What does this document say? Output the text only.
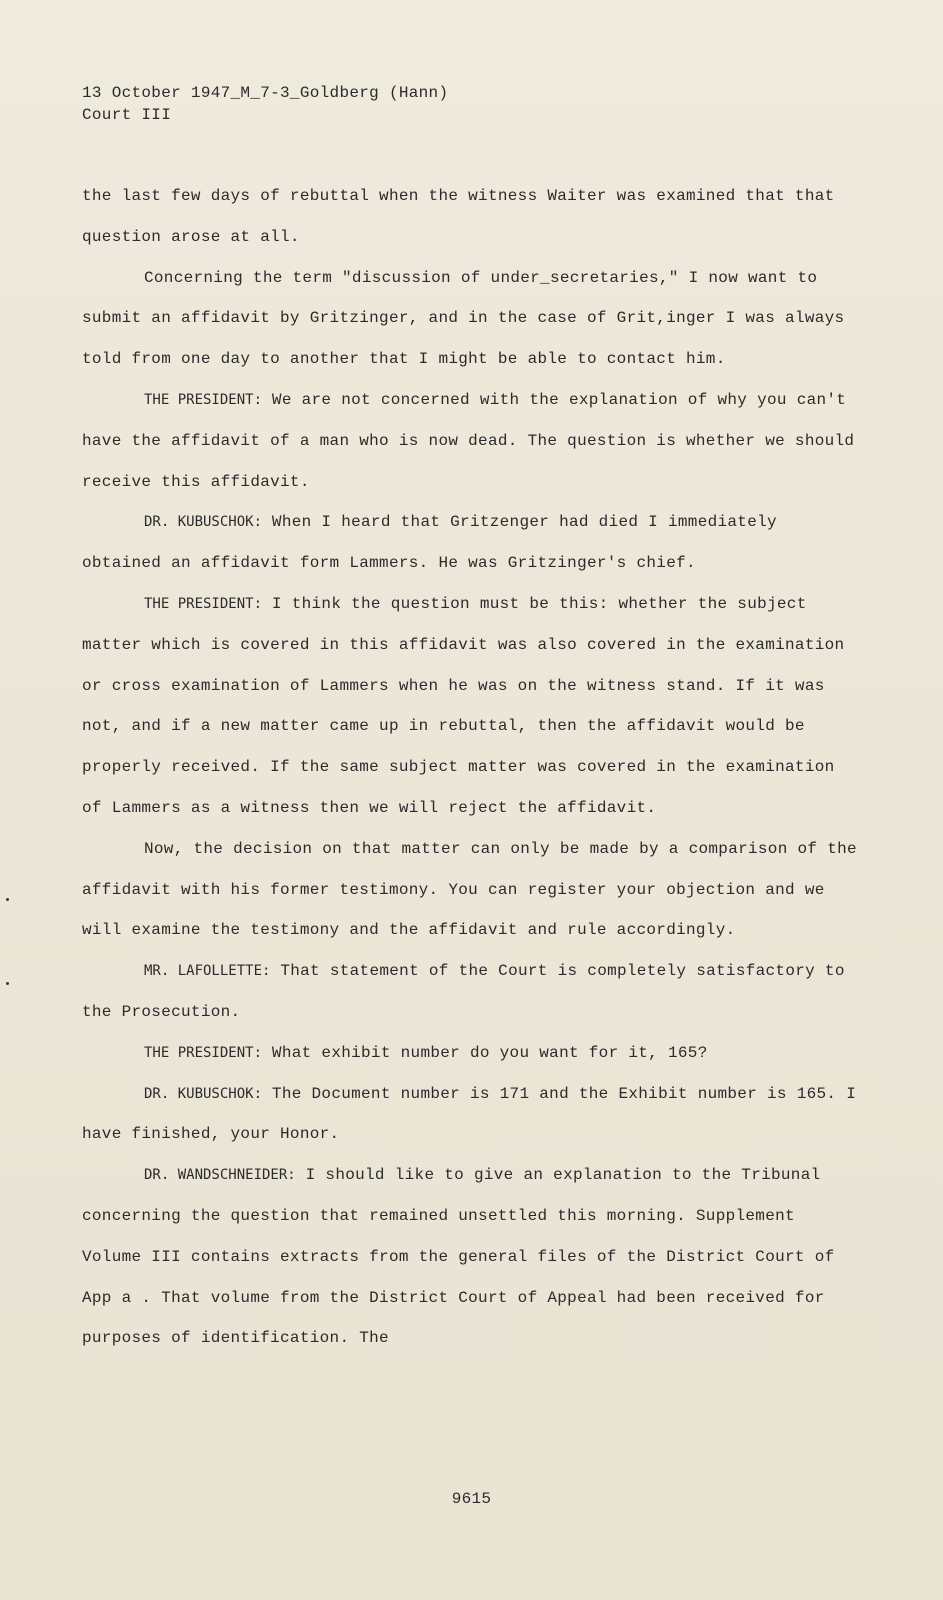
13 October 1947_M_7-3_Goldberg (Hann)
Court III

the last few days of rebuttal when the witness Waiter was examined that that question arose at all.

Concerning the term "discussion of under_secretaries," I now want to submit an affidavit by Gritzinger, and in the case of Grit,inger I was always told from one day to another that I might be able to contact him.

THE PRESIDENT: We are not concerned with the explanation of why you can't have the affidavit of a man who is now dead. The question is whether we should receive this affidavit.

DR. KUBUSCHOK: When I heard that Gritzenger had died I immediately obtained an affidavit form Lammers. He was Gritzinger's chief.

THE PRESIDENT: I think the question must be this: whether the subject matter which is covered in this affidavit was also covered in the examination or cross examination of Lammers when he was on the witness stand. If it was not, and if a new matter came up in rebuttal, then the affidavit would be properly received. If the same subject matter was covered in the examination of Lammers as a witness then we will reject the affidavit.

Now, the decision on that matter can only be made by a comparison of the affidavit with his former testimony. You can register your objection and we will examine the testimony and the affidavit and rule accordingly.

MR. LAFOLLETTE: That statement of the Court is completely satisfactory to the Prosecution.

THE PRESIDENT: What exhibit number do you want for it, 165?

DR. KUBUSCHOK: The Document number is 171 and the Exhibit number is 165. I have finished, your Honor.

DR. WANDSCHNEIDER: I should like to give an explanation to the Tribunal concerning the question that remained unsettled this morning. Supplement Volume III contains extracts from the general files of the District Court of App a . That volume from the District Court of Appeal had been received for purposes of identification. The

9615
